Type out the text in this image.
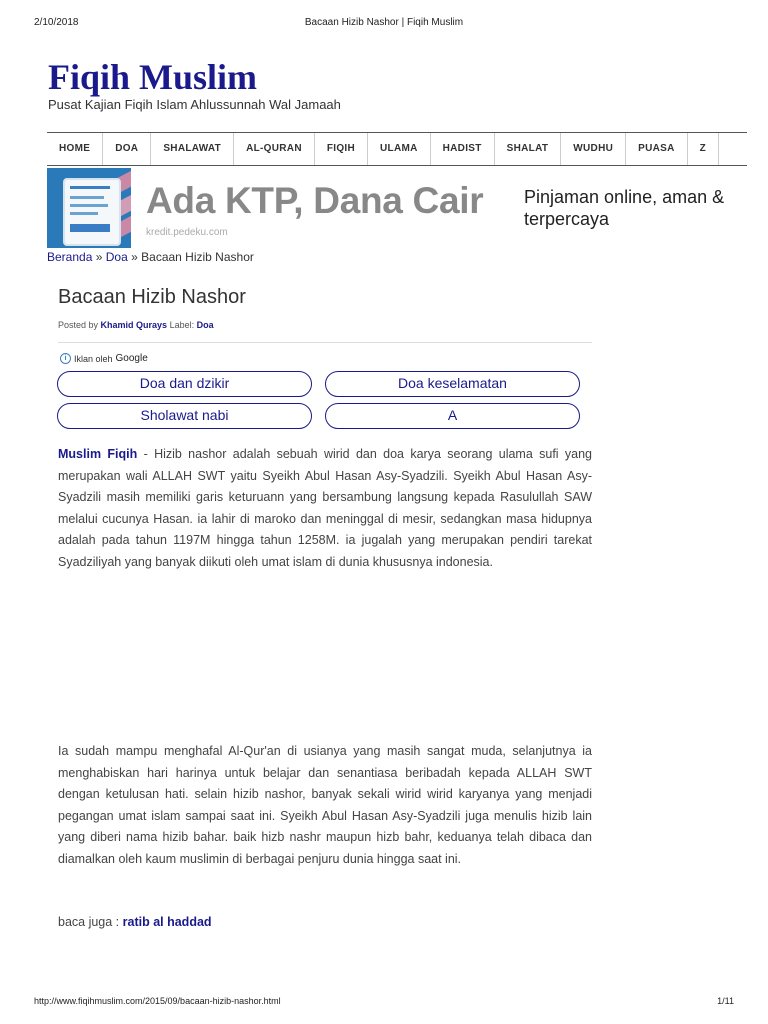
2/10/2018	Bacaan Hizib Nashor | Fiqih Muslim
Fiqih Muslim
Pusat Kajian Fiqih Islam Ahlussunnah Wal Jamaah
HOME	DOA	SHALAWAT	AL-QURAN	FIQIH	ULAMA	HADIST	SHALAT	WUDHU	PUASA	Z
Ada KTP, Dana Cair
kredit.pedeku.com
Pinjaman online, aman & terpercaya
Beranda » Doa » Bacaan Hizib Nashor
Bacaan Hizib Nashor
Posted by Khamid Qurays Label: Doa
i Iklan oleh Google
Doa dan dzikir	Doa keselamatan
Sholawat nabi	A
Muslim Fiqih - Hizib nashor adalah sebuah wirid dan doa karya seorang ulama sufi yang merupakan wali ALLAH SWT yaitu Syeikh Abul Hasan Asy-Syadzili. Syeikh Abul Hasan Asy-Syadzili masih memiliki garis keturuann yang bersambung langsung kepada Rasulullah SAW melalui cucunya Hasan. ia lahir di maroko dan meninggal di mesir, sedangkan masa hidupnya adalah pada tahun 1197M hingga tahun 1258M. ia jugalah yang merupakan pendiri tarekat Syadziliyah yang banyak diikuti oleh umat islam di dunia khususnya indonesia.
Ia sudah mampu menghafal Al-Qur'an di usianya yang masih sangat muda, selanjutnya ia menghabiskan hari harinya untuk belajar dan senantiasa beribadah kepada ALLAH SWT dengan ketulusan hati. selain hizib nashor, banyak sekali wirid wirid karyanya yang menjadi pegangan umat islam sampai saat ini. Syeikh Abul Hasan Asy-Syadzili juga menulis hizib lain yang diberi nama hizib bahar. baik hizb nashr maupun hizb bahr, keduanya telah dibaca dan diamalkan oleh kaum muslimin di berbagai penjuru dunia hingga saat ini.
baca juga : ratib al haddad
http://www.fiqihmuslim.com/2015/09/bacaan-hizib-nashor.html	1/11
